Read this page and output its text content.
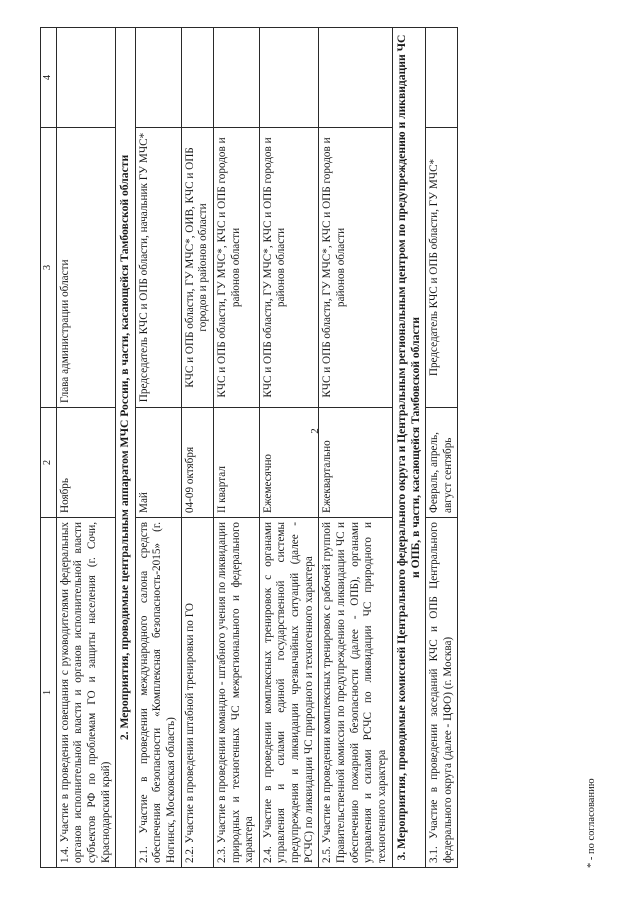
2
1	2	3	4
1.4. Участие в проведении совещания с руководителями федеральных органов исполнительной власти и органов исполнительной власти субъектов РФ по проблемам ГО и защиты населения (г. Сочи, Краснодарский край)	Ноябрь	Глава администрации области	
2. Мероприятия, проводимые центральным аппаратом МЧС России, в части, касающейся Тамбовской области			
2.1. Участие в проведении международного салона средств обеспечения безопасности «Комплексная безопасность-2015» (г. Ногинск, Московская область)	Май	Председатель КЧС и ОПБ области, начальник ГУ МЧС*	
2.2. Участие в проведении штабной тренировки по ГО	04-09 октября	КЧС и ОПБ области, ГУ МЧС*, ОИВ, КЧС и ОПБ городов и районов области	
2.3. Участие в проведении командно - штабного учения по ликвидации природных и техногенных ЧС межрегионального и федерального характера	II квартал	КЧС и ОПБ области, ГУ МЧС*, КЧС и ОПБ городов и районов области	
2.4. Участие в проведении комплексных тренировок с органами управления и силами единой государственной системы предупреждения и ликвидации чрезвычайных ситуаций (далее - РСЧС) по ликвидации ЧС природного и техногенного характера	Ежемесячно	КЧС и ОПБ области, ГУ МЧС*, КЧС и ОПБ городов и районов области	
2.5. Участие в проведении комплексных тренировок с рабочей группой Правительственной комиссии по предупреждению и ликвидации ЧС и обеспечению пожарной безопасности (далее - ОПБ), органами управления и силами РСЧС по ликвидации ЧС природного и техногенного характера	Ежеквартально	КЧС и ОПБ области, ГУ МЧС*, КЧС и ОПБ городов и районов области	
3. Мероприятия, проводимые комиссией Центрального федерального округа и Центральным региональным центром по предупреждению и ликвидации ЧС и ОПБ, в части, касающейся Тамбовской области			
3.1. Участие в проведении заседаний КЧС и ОПБ Центрального федерального округа (далее - ЦФО) (г. Москва)	Февраль, апрель, август сентябрь	Председатель КЧС и ОПБ области, ГУ МЧС*	
* - по согласованию
